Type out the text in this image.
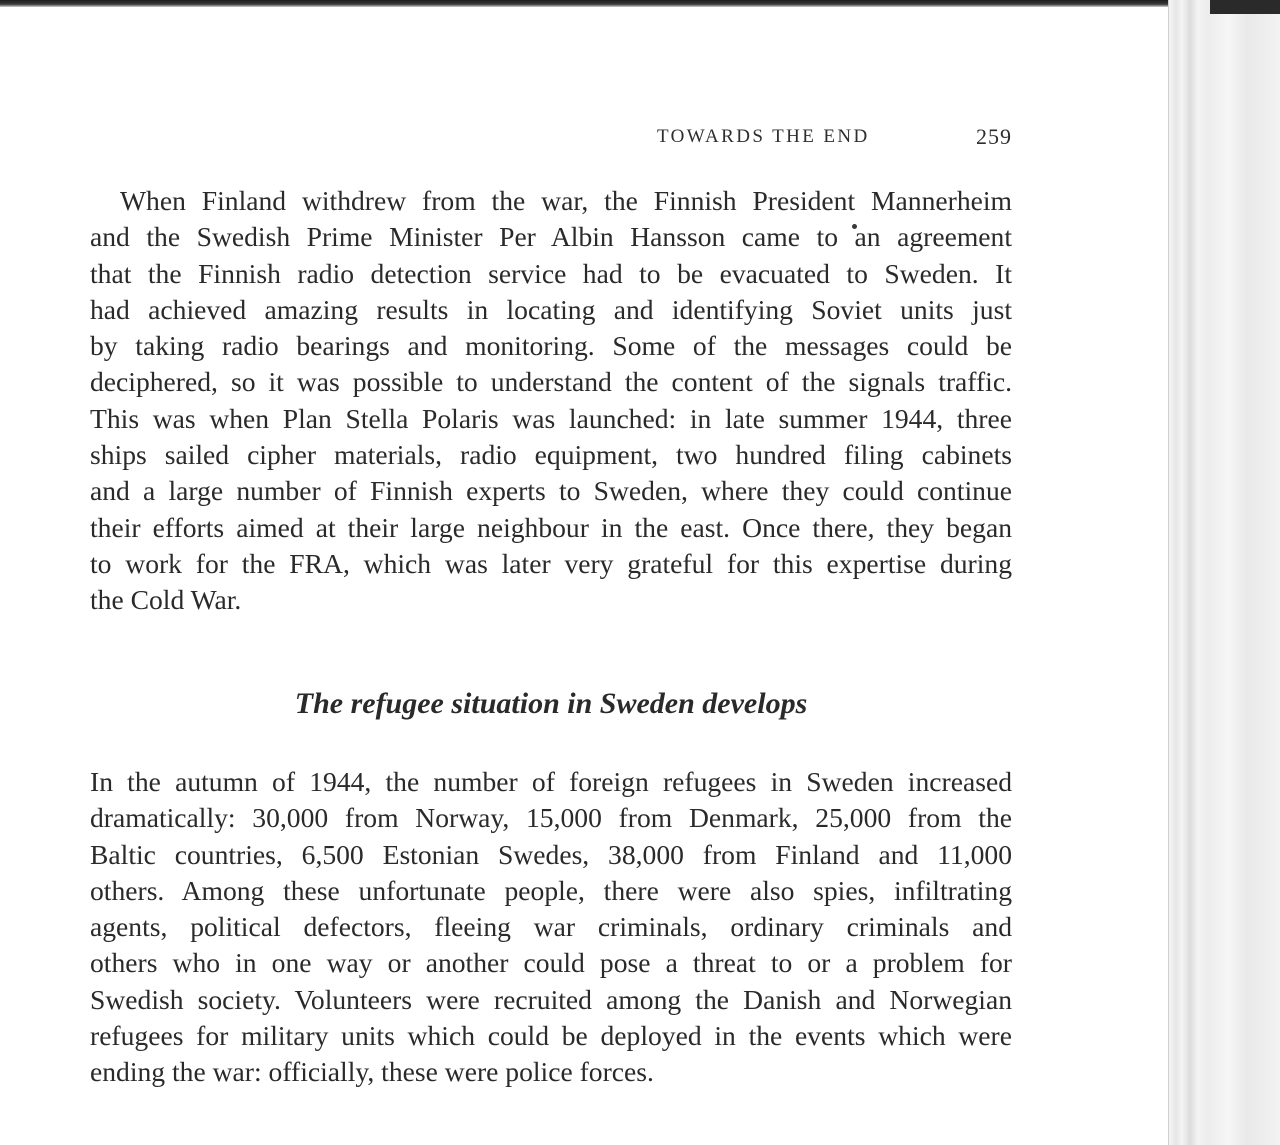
TOWARDS THE END	259

When Finland withdrew from the war, the Finnish President Mannerheim
and the Swedish Prime Minister Per Albin Hansson came to an agreement
that the Finnish radio detection service had to be evacuated to Sweden. It
had achieved amazing results in locating and identifying Soviet units just
by taking radio bearings and monitoring. Some of the messages could be
deciphered, so it was possible to understand the content of the signals traffic.
This was when Plan Stella Polaris was launched: in late summer 1944, three
ships sailed cipher materials, radio equipment, two hundred filing cabinets
and a large number of Finnish experts to Sweden, where they could continue
their efforts aimed at their large neighbour in the east. Once there, they began
to work for the FRA, which was later very grateful for this expertise during
the Cold War.

The refugee situation in Sweden develops

In the autumn of 1944, the number of foreign refugees in Sweden increased
dramatically: 30,000 from Norway, 15,000 from Denmark, 25,000 from the
Baltic countries, 6,500 Estonian Swedes, 38,000 from Finland and 11,000
others. Among these unfortunate people, there were also spies, infiltrating
agents, political defectors, fleeing war criminals, ordinary criminals and
others who in one way or another could pose a threat to or a problem for
Swedish society. Volunteers were recruited among the Danish and Norwegian
refugees for military units which could be deployed in the events which were
ending the war: officially, these were police forces.
